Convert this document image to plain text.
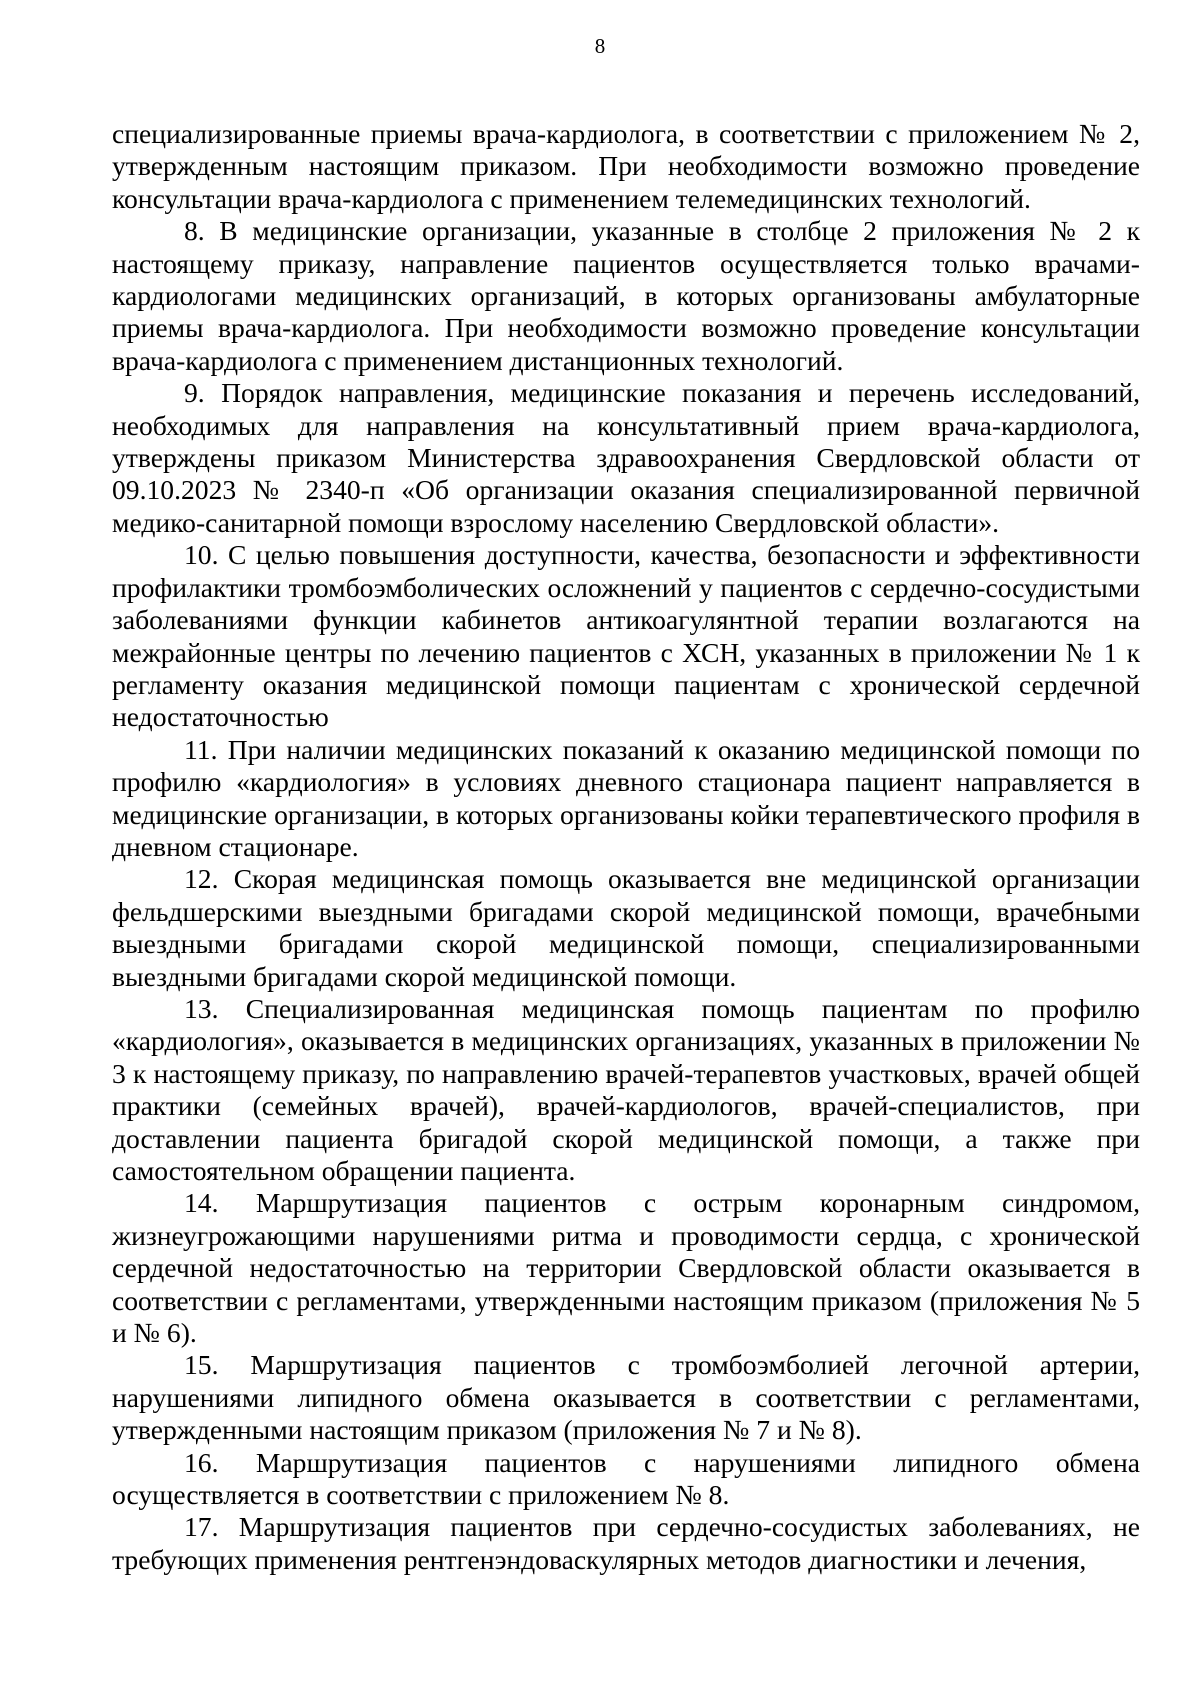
8

специализированные приемы врача-кардиолога, в соответствии с приложением № 2, утвержденным настоящим приказом. При необходимости возможно проведение консультации врача-кардиолога с применением телемедицинских технологий.

8. В медицинские организации, указанные в столбце 2 приложения № 2 к настоящему приказу, направление пациентов осуществляется только врачами-кардиологами медицинских организаций, в которых организованы амбулаторные приемы врача-кардиолога. При необходимости возможно проведение консультации врача-кардиолога с применением дистанционных технологий.

9. Порядок направления, медицинские показания и перечень исследований, необходимых для направления на консультативный прием врача-кардиолога, утверждены приказом Министерства здравоохранения Свердловской области от 09.10.2023 № 2340-п «Об организации оказания специализированной первичной медико-санитарной помощи взрослому населению Свердловской области».

10. С целью повышения доступности, качества, безопасности и эффективности профилактики тромбоэмболических осложнений у пациентов с сердечно-сосудистыми заболеваниями функции кабинетов антикоагулянтной терапии возлагаются на межрайонные центры по лечению пациентов с ХСН, указанных в приложении № 1 к регламенту оказания медицинской помощи пациентам с хронической сердечной недостаточностью

11. При наличии медицинских показаний к оказанию медицинской помощи по профилю «кардиология» в условиях дневного стационара пациент направляется в медицинские организации, в которых организованы койки терапевтического профиля в дневном стационаре.

12. Скорая медицинская помощь оказывается вне медицинской организации фельдшерскими выездными бригадами скорой медицинской помощи, врачебными выездными бригадами скорой медицинской помощи, специализированными выездными бригадами скорой медицинской помощи.

13. Специализированная медицинская помощь пациентам по профилю «кардиология», оказывается в медицинских организациях, указанных в приложении № 3 к настоящему приказу, по направлению врачей-терапевтов участковых, врачей общей практики (семейных врачей), врачей-кардиологов, врачей-специалистов, при доставлении пациента бригадой скорой медицинской помощи, а также при самостоятельном обращении пациента.

14. Маршрутизация пациентов с острым коронарным синдромом, жизнеугрожающими нарушениями ритма и проводимости сердца, с хронической сердечной недостаточностью на территории Свердловской области оказывается в соответствии с регламентами, утвержденными настоящим приказом (приложения № 5 и № 6).

15. Маршрутизация пациентов с тромбоэмболией легочной артерии, нарушениями липидного обмена оказывается в соответствии с регламентами, утвержденными настоящим приказом (приложения № 7 и № 8).

16. Маршрутизация пациентов с нарушениями липидного обмена осуществляется в соответствии с приложением № 8.

17. Маршрутизация пациентов при сердечно-сосудистых заболеваниях, не требующих применения рентгенэндоваскулярных методов диагностики и лечения,
